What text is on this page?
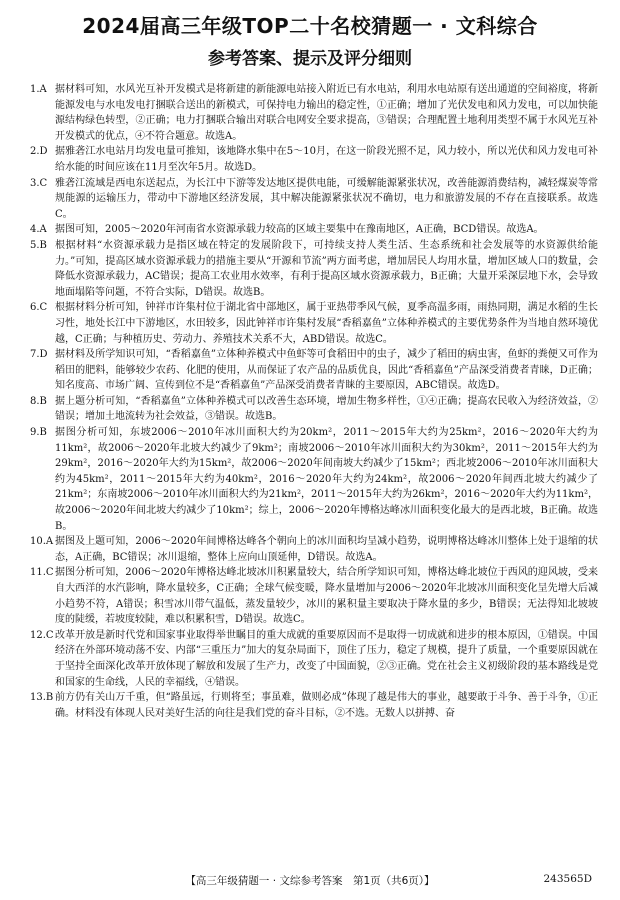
2024届高三年级TOP二十名校猜题一 · 文科综合
参考答案、提示及评分细则
1.A 据材料可知，水风光互补开发模式是将新建的新能源电站接入附近已有水电站，利用水电站原有送出通道的空间裕度，将新能源发电与水电发电打捆联合送出的新模式，可保持电力输出的稳定性，①正确；增加了光伏发电和风力发电，可以加快能源结构绿色转型，②正确；电力打捆联合输出对联合电网安全要求提高，③错误；合理配置土地利用类型不属于水风光互补开发模式的优点，④不符合题意。故选A。
2.D 据雅砻江水电站月均发电量可推知，该地降水集中在5～10月，在这一阶段光照不足，风力较小，所以光伏和风力发电可补给水能的时间应该在11月至次年5月。故选D。
3.C 雅砻江流域是西电东送起点，为长江中下游等发达地区提供电能，可缓解能源紧张状况，改善能源消费结构，减轻煤炭等常规能源的运输压力，带动中下游地区经济发展，其中解决能源紧张状况不确切，电力和旅游发展的不存在直接联系。故选C。
4.A 据图可知，2005～2020年河南省水资源承载力较高的区域主要集中在豫南地区，A正确，BCD错误。故选A。
5.B 根据材料“水资源承载力是指区域在特定的发展阶段下，可持续支持人类生活、生态系统和社会发展等的水资源供给能力。”可知，提高区域水资源承载力的措施主要从“开源和节流”两方面考虑，增加居民人均用水量，增加区域人口的数量，会降低水资源承载力，AC错误；提高工农业用水效率，有利于提高区域水资源承载力，B正确；大量开采深层地下水，会导致地面塌陷等问题，不符合实际，D错误。故选B。
6.C 根据材料分析可知，钟祥市许集村位于湖北省中部地区，属于亚热带季风气候，夏季高温多雨，雨热同期，满足水稻的生长习性，地处长江中下游地区，水田较多，因此钟祥市许集村发展“香稻嘉鱼”立体种养模式的主要优势条件为当地自然环境优越，C正确；与种植历史、劳动力、养殖技术关系不大，ABD错误。故选C。
7.D 据材料及所学知识可知，“香稻嘉鱼”立体种养模式中鱼虾等可食稻田中的虫子，减少了稻田的病虫害，鱼虾的粪便又可作为稻田的肥料，能够较少农药、化肥的使用，从而保证了农产品的品质优良，因此“香稻嘉鱼”产品深受消费者青睐，D正确；知名度高、市场广阔、宣传到位不是“香稻嘉鱼”产品深受消费者青睐的主要原因，ABC错误。故选D。
8.B 据上题分析可知，“香稻嘉鱼”立体种养模式可以改善生态环境，增加生物多样性，①④正确；提高农民收入为经济效益，②错误；增加土地流转为社会效益，③错误。故选B。
9.B 据图分析可知，东坡2006～2010年冰川面积大约为20km²，2011～2015年大约为25km²，2016～2020年大约为11km²，故2006～2020年北坡大约减少了9km²；南坡2006～2010年冰川面积大约为30km²，2011～2015年大约为29km²，2016～2020年大约为15km²，故2006～2020年间南坡大约减少了15km²；西北坡2006～2010年冰川面积大约为45km²，2011～2015年大约为40km²，2016～2020年大约为24km²，故2006～2020年间西北坡大约减少了21km²；东南坡2006～2010年冰川面积大约为21km²，2011～2015年大约为26km²，2016～2020年大约为11km²，故2006～2020年间北坡大约减少了10km²；综上，2006～2020年博格达峰冰川面积变化最大的是西北坡，B正确。故选B。
10.A 据图及上题可知，2006～2020年间博格达峰各个朝向上的冰川面积均呈减小趋势，说明博格达峰冰川整体上处于退缩的状态，A正确，BC错误；冰川退缩，整体上应向山顶延伸，D错误。故选A。
11.C 据图分析可知，2006～2020年博格达峰北坡冰川积累量较大，结合所学知识可知，博格达峰北坡位于西风的迎风坡，受来自大西洋的水汽影响，降水量较多，C正确；全球气候变暖，降水量增加与2006～2020年北坡冰川面积变化呈先增大后减小趋势不符，A错误；积雪冰川带气温低，蒸发量较少，冰川的累积量主要取决于降水量的多少，B错误；无法得知北坡坡度的陡缓，若坡度较陡，难以积累积雪，D错误。故选C。
12.C 改革开放是新时代党和国家事业取得举世瞩目的重大成就的重要原因而不是取得一切成就和进步的根本原因，①错误。中国经济在外部环境动荡不安、内部“三重压力”加大的复杂局面下，顶住了压力，稳定了规模，提升了质量，一个重要原因就在于坚持全面深化改革开放体现了解放和发展了生产力，改变了中国面貌，②③正确。党在社会主义初级阶段的基本路线是党和国家的生命线，人民的幸福线，④错误。
13.B 前方仍有关山万千重，但“路虽远，行则将至；事虽难，做则必成”体现了越是伟大的事业，越要敢于斗争、善于斗争，①正确。材料没有体现人民对美好生活的向往是我们党的奋斗目标，②不选。无数人以拼搏、奋
【高三年级猜题一 · 文综参考答案　第1页（共6页）】	243565D
